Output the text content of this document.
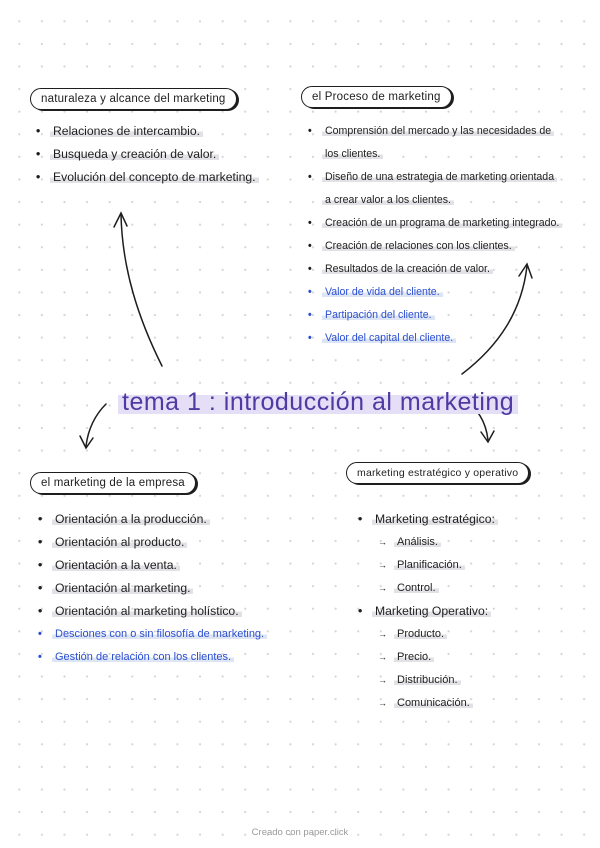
naturaleza y alcance del marketing
• Relaciones de intercambio.
• Busqueda y creación de valor.
• Evolución del concepto de marketing.
el Proceso de marketing
• Comprensión del mercado y las necesidades de
los clientes.
• Diseño de una estrategia de marketing orientada
a crear valor a los clientes.
• Creación de un programa de marketing integrado.
• Creación de relaciones con los clientes.
• Resultados de la creación de valor.
• Valor de vida del cliente.
• Partipación del cliente.
• Valor del capital del cliente.
tema 1 : introducción al marketing
el marketing de la empresa
• Orientación a la producción.
• Orientación al producto.
• Orientación a la venta.
• Orientación al marketing.
• Orientación al marketing holístico.
• Desciones con o sin filosofía de marketing.
• Gestión de relación con los clientes.
marketing estratégico y operativo
• Marketing estratégico:
→ Análisis.
→ Planificación.
→ Control.
• Marketing Operativo:
→ Producto.
→ Precio.
→ Distribución.
→ Comunicación.
Creado con paper.click
